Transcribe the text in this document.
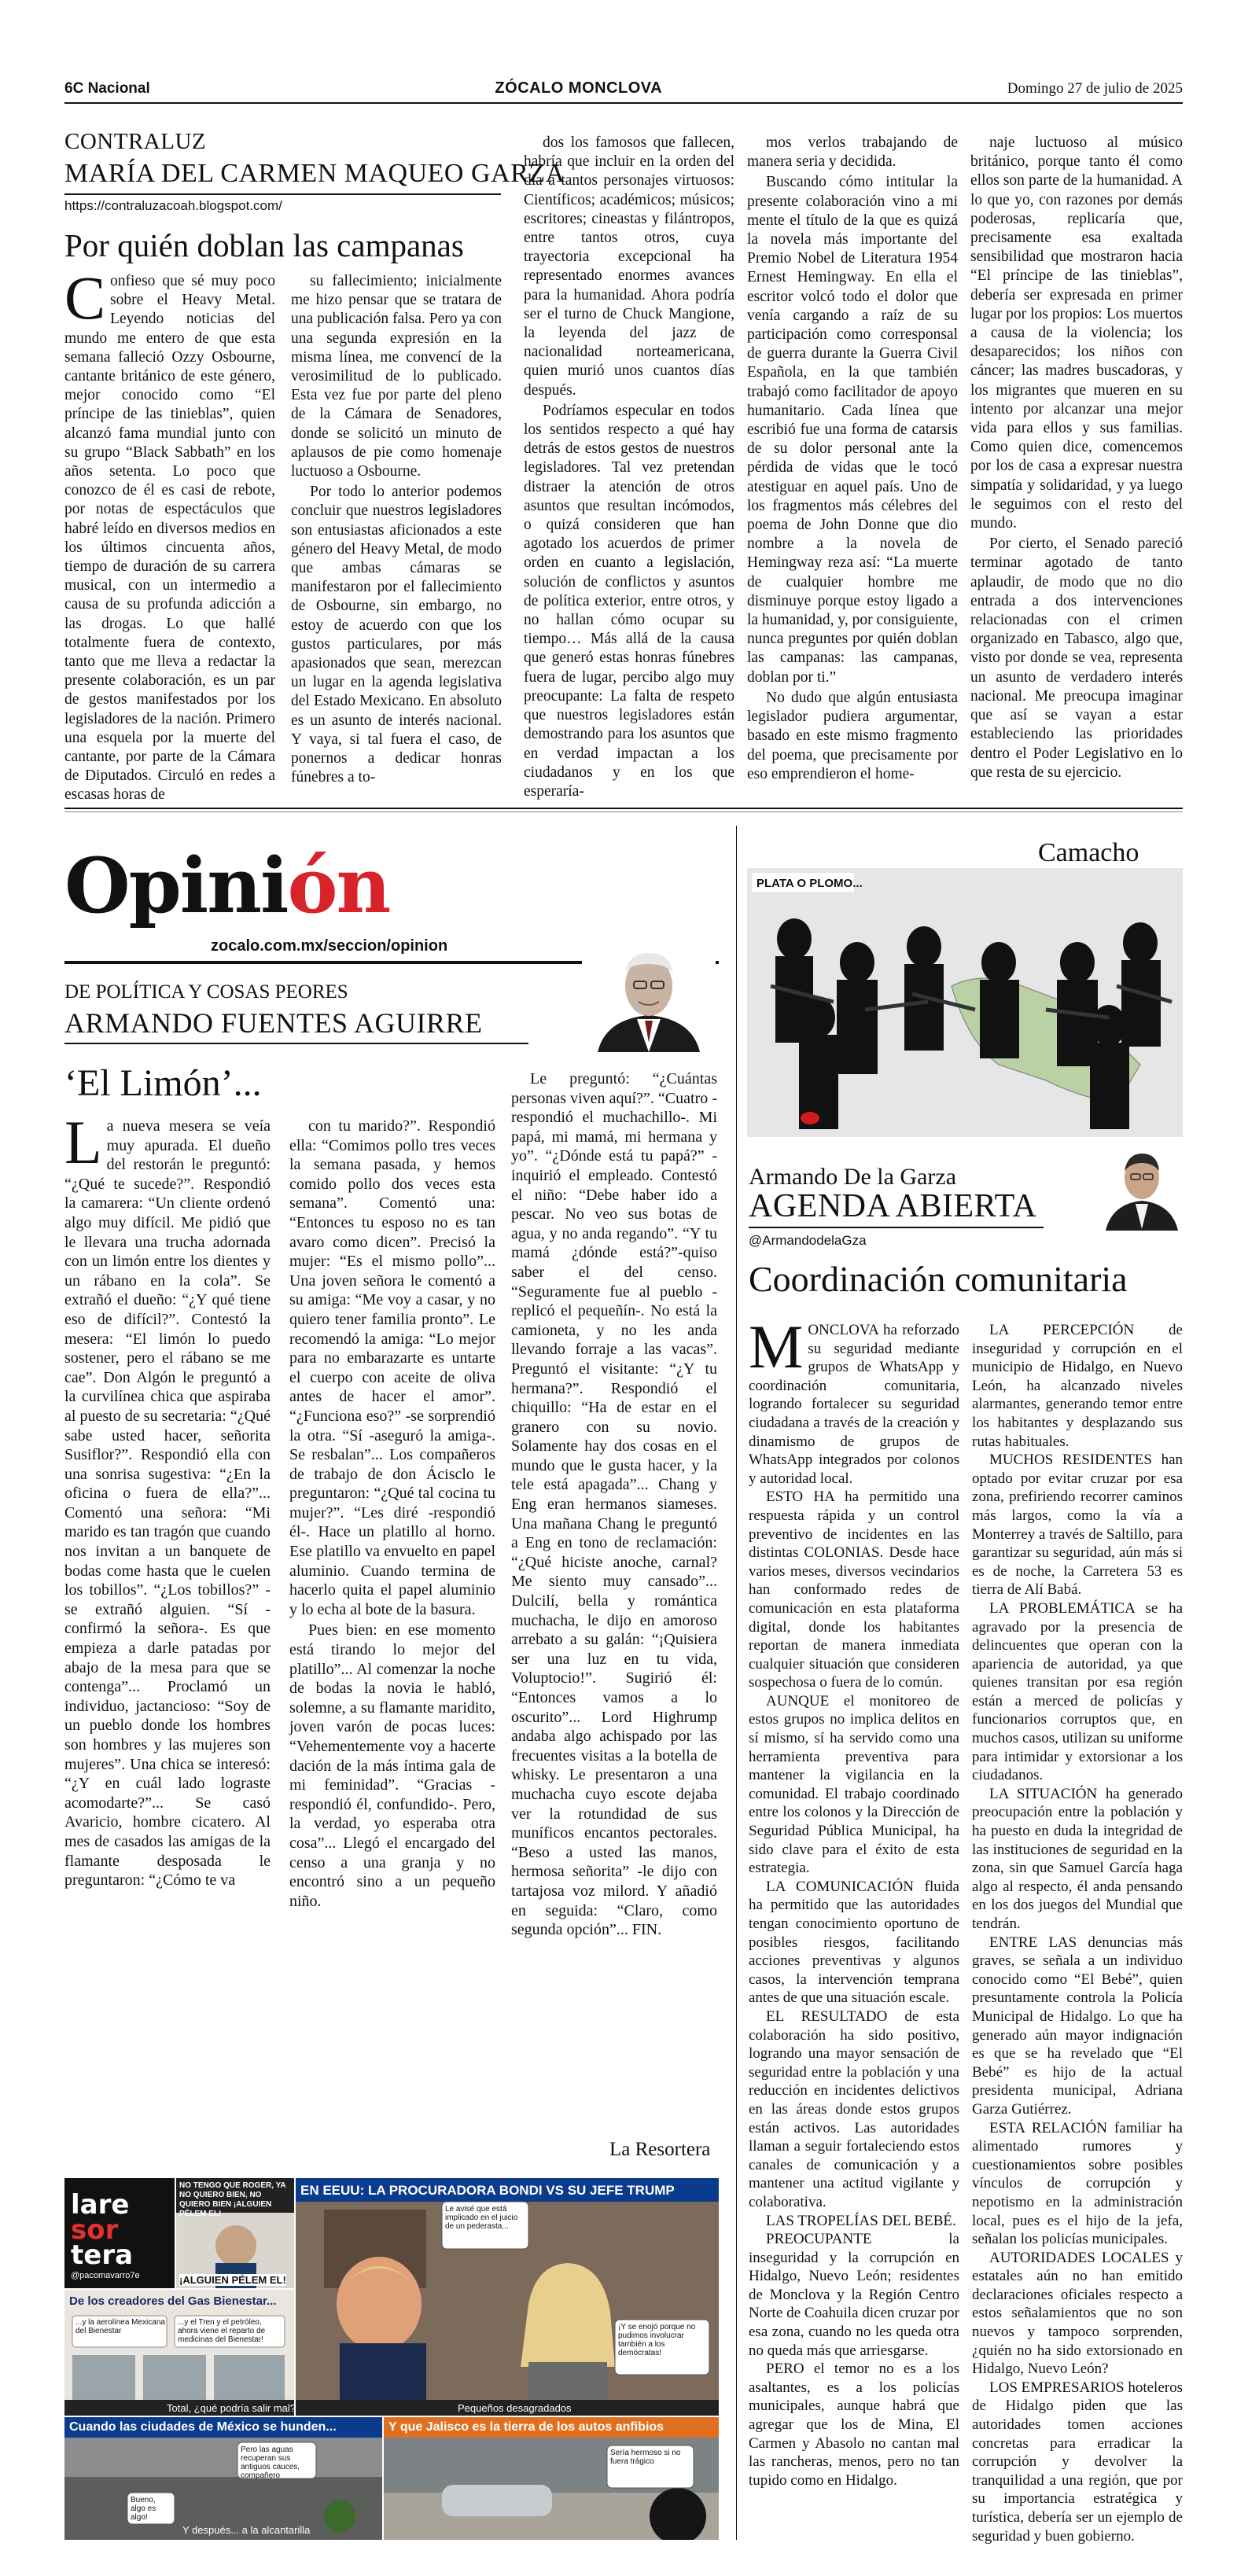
6C Nacional	ZÓCALO MONCLOVA	Domingo 27 de julio de 2025
CONTRALUZ
MARÍA DEL CARMEN MAQUEO GARZA
https://contraluzacoah.blogspot.com/
Por quién doblan las campanas

Confieso que sé muy poco sobre el Heavy Metal. Leyendo noticias del mundo me entero de que esta semana falleció Ozzy Osbourne, cantante británico de este género, mejor conocido como “El príncipe de las tinieblas”, quien alcanzó fama mundial junto con su grupo “Black Sabbath” en los años setenta. Lo poco que conozco de él es casi de rebote, por notas de espectáculos que habré leído en diversos medios en los últimos cincuenta años, tiempo de duración de su carrera musical, con un intermedio a causa de su profunda adicción a las drogas. Lo que hallé totalmente fuera de contexto, tanto que me lleva a redactar la presente colaboración, es un par de gestos manifestados por los legisladores de la nación. Primero una esquela por la muerte del cantante, por parte de la Cámara de Diputados. Circuló en redes a escasas horas de

su fallecimiento; inicialmente me hizo pensar que se tratara de una publicación falsa. Pero ya con una segunda expresión en la misma línea, me convencí de la verosimilitud de lo publicado. Esta vez fue por parte del pleno de la Cámara de Senadores, donde se solicitó un minuto de aplausos de pie como homenaje luctuoso a Osbourne.

Por todo lo anterior podemos concluir que nuestros legisladores son entusiastas aficionados a este género del Heavy Metal, de modo que ambas cámaras se manifestaron por el fallecimiento de Osbourne, sin embargo, no estoy de acuerdo con que los gustos particulares, por más apasionados que sean, merezcan un lugar en la agenda legislativa del Estado Mexicano. En absoluto es un asunto de interés nacional. Y vaya, si tal fuera el caso, de ponernos a dedicar honras fúnebres a to-

dos los famosos que fallecen, habría que incluir en la orden del día a tantos personajes virtuosos: Científicos; académicos; músicos; escritores; cineastas y filántropos, entre tantos otros, cuya trayectoria excepcional ha representado enormes avances para la humanidad. Ahora podría ser el turno de Chuck Mangione, la leyenda del jazz de nacionalidad norteamericana, quien murió unos cuantos días después.

Podríamos especular en todos los sentidos respecto a qué hay detrás de estos gestos de nuestros legisladores. Tal vez pretendan distraer la atención de otros asuntos que resultan incómodos, o quizá consideren que han agotado los acuerdos de primer orden en cuanto a legislación, solución de conflictos y asuntos de política exterior, entre otros, y no hallan cómo ocupar su tiempo… Más allá de la causa que generó estas honras fúnebres fuera de lugar, percibo algo muy preocupante: La falta de respeto que nuestros legisladores están demostrando para los asuntos que en verdad impactan a los ciudadanos y en los que esperaría-

mos verlos trabajando de manera seria y decidida.

Buscando cómo intitular la presente colaboración vino a mi mente el título de la que es quizá la novela más importante del Premio Nobel de Literatura 1954 Ernest Hemingway. En ella el escritor volcó todo el dolor que venía cargando a raíz de su participación como corresponsal de guerra durante la Guerra Civil Española, en la que también trabajó como facilitador de apoyo humanitario. Cada línea que escribió fue una forma de catarsis de su dolor personal ante la pérdida de vidas que le tocó atestiguar en aquel país. Uno de los fragmentos más célebres del poema de John Donne que dio nombre a la novela de Hemingway reza así: “La muerte de cualquier hombre me disminuye porque estoy ligado a la humanidad, y, por consiguiente, nunca preguntes por quién doblan las campanas: las campanas, doblan por ti.”

No dudo que algún entusiasta legislador pudiera argumentar, basado en este mismo fragmento del poema, que precisamente por eso emprendieron el home-

naje luctuoso al músico británico, porque tanto él como ellos son parte de la humanidad. A lo que yo, con razones por demás poderosas, replicaría que, precisamente esa exaltada sensibilidad que mostraron hacia “El príncipe de las tinieblas”, debería ser expresada en primer lugar por los propios: Los muertos a causa de la violencia; los desaparecidos; los niños con cáncer; las madres buscadoras, y los migrantes que mueren en su intento por alcanzar una mejor vida para ellos y sus familias. Como quien dice, comencemos por los de casa a expresar nuestra simpatía y solidaridad, y ya luego le seguimos con el resto del mundo.

Por cierto, el Senado pareció terminar agotado de tanto aplaudir, de modo que no dio entrada a dos intervenciones relacionadas con el crimen organizado en Tabasco, algo que, visto por donde se vea, representa un asunto de verdadero interés nacional. Me preocupa imaginar que así se vayan a estar estableciendo las prioridades dentro el Poder Legislativo en lo que resta de su ejercicio.

Opinión
zocalo.com.mx/seccion/opinion
DE POLÍTICA Y COSAS PEORES
ARMANDO FUENTES AGUIRRE
‘El Limón’...

La nueva mesera se veía muy apurada. El dueño del restorán le preguntó: “¿Qué te sucede?”. Respondió la camarera: “Un cliente ordenó algo muy difícil. Me pidió que le llevara una trucha adornada con un limón entre los dientes y un rábano en la cola”. Se extrañó el dueño: “¿Y qué tiene eso de difícil?”. Contestó la mesera: “El limón lo puedo sostener, pero el rábano se me cae”. Don Algón le preguntó a la curvilínea chica que aspiraba al puesto de su secretaria: “¿Qué sabe usted hacer, señorita Susiflor?”. Respondió ella con una sonrisa sugestiva: “¿En la oficina o fuera de ella?”... Comentó una señora: “Mi marido es tan tragón que cuando nos invitan a un banquete de bodas come hasta que le cuelen los tobillos”. “¿Los tobillos?” -se extrañó alguien. “Sí -confirmó la señora-. Es que empieza a darle patadas por abajo de la mesa para que se contenga”... Proclamó un individuo, jactancioso: “Soy de un pueblo donde los hombres son hombres y las mujeres son mujeres”. Una chica se interesó: “¿Y en cuál lado lograste acomodarte?”... Se casó Avaricio, hombre cicatero. Al mes de casados las amigas de la flamante desposada le preguntaron: “¿Cómo te va

con tu marido?”. Respondió ella: “Comimos pollo tres veces la semana pasada, y hemos comido pollo dos veces esta semana”. Comentó una: “Entonces tu esposo no es tan avaro como dicen”. Precisó la mujer: “Es el mismo pollo”... Una joven señora le comentó a su amiga: “Me voy a casar, y no quiero tener familia pronto”. Le recomendó la amiga: “Lo mejor para no embarazarte es untarte el cuerpo con aceite de oliva antes de hacer el amor”. “¿Funciona eso?” -se sorprendió la otra. “Sí -aseguró la amiga-. Se resbalan”... Los compañeros de trabajo de don Ácisclo le preguntaron: “¿Qué tal cocina tu mujer?”. “Les diré -respondió él-. Hace un platillo al horno. Ese platillo va envuelto en papel aluminio. Cuando termina de hacerlo quita el papel aluminio y lo echa al bote de la basura.

Pues bien: en ese momento está tirando lo mejor del platillo”... Al comenzar la noche de bodas la novia le habló, solemne, a su flamante maridito, joven varón de pocas luces: “Vehementemente voy a hacerte dación de la más íntima gala de mi feminidad”. “Gracias -respondió él, confundido-. Pero, la verdad, yo esperaba otra cosa”... Llegó el encargado del censo a una granja y no encontró sino a un pequeño niño.

Le preguntó: “¿Cuántas personas viven aquí?”. “Cuatro -respondió el muchachillo-. Mi papá, mi mamá, mi hermana y yo”. “¿Dónde está tu papá?” -inquirió el empleado. Contestó el niño: “Debe haber ido a pescar. No veo sus botas de agua, y no anda regando”. “Y tu mamá ¿dónde está?”-quiso saber el del censo. “Seguramente fue al pueblo -replicó el pequeñín-. No está la camioneta, y no les anda llevando forraje a las vacas”. Preguntó el visitante: “¿Y tu hermana?”. Respondió el chiquillo: “Ha de estar en el granero con su novio. Solamente hay dos cosas en el mundo que le gusta hacer, y la tele está apagada”... Chang y Eng eran hermanos siameses. Una mañana Chang le preguntó a Eng en tono de reclamación: “¿Qué hiciste anoche, carnal? Me siento muy cansado”... Dulcilí, bella y romántica muchacha, le dijo en amoroso arrebato a su galán: “¡Quisiera ser una luz en tu vida, Voluptocio!”. Sugirió él: “Entonces vamos a lo oscurito”... Lord Highrump andaba algo achispado por las frecuentes visitas a la botella de whisky. Le presentaron a una muchacha cuyo escote dejaba ver la rotundidad de sus muníficos encantos pectorales. “Beso a usted las manos, hermosa señorita” -le dijo con tartajosa voz milord. Y añadió en seguida: “Claro, como segunda opción”... FIN.

La Resortera
lare
sor
tera
@pacomavarro7e
NO TENGO QUE ROGER, YA NO QUIERO BIEN, NO QUIERO BIEN ¡ALGUIEN PÉLEM EL!
¡ALGUIEN PÉLEM EL!
De los creadores del Gas Bienestar...
...y la aerolínea Mexicana del Bienestar
...y el Tren y el petróleo, ahora viene el reparto de medicinas del Bienestar!
Total, ¿qué podría salir mal?
EN EEUU: LA PROCURADORA BONDI VS SU JEFE TRUMP
Le avisé que está implicado en el juicio de un pederasta...
¡Y se enojó porque no pudimos involucrar también a los demócratas!
Pequeños desagradados
Cuando las ciudades de México se hunden...
Pero las aguas recuperan sus antiguos cauces, compañero
Bueno, algo es algo!
Y después... a la alcantarilla
Y que Jalisco es la tierra de los autos anfibios
Sería hermoso si no fuera trágico
Camacho
PLATA O PLOMO...
Armando De la Garza
AGENDA ABIERTA
@ArmandodelaGza
Coordinación comunitaria

MONCLOVA ha reforzado su seguridad mediante grupos de WhatsApp y coordinación comunitaria, logrando fortalecer su seguridad ciudadana a través de la creación y dinamismo de grupos de WhatsApp integrados por colonos y autoridad local.

ESTO HA ha permitido una respuesta rápida y un control preventivo de incidentes en las distintas COLONIAS. Desde hace varios meses, diversos vecindarios han conformado redes de comunicación en esta plataforma digital, donde los habitantes reportan de manera inmediata cualquier situación que consideren sospechosa o fuera de lo común.

AUNQUE el monitoreo de estos grupos no implica delitos en sí mismo, sí ha servido como una herramienta preventiva para mantener la vigilancia en la comunidad. El trabajo coordinado entre los colonos y la Dirección de Seguridad Pública Municipal, ha sido clave para el éxito de esta estrategia.

LA COMUNICACIÓN fluida ha permitido que las autoridades tengan conocimiento oportuno de posibles riesgos, facilitando acciones preventivas y algunos casos, la intervención temprana antes de que una situación escale.

EL RESULTADO de esta colaboración ha sido positivo, logrando una mayor sensación de seguridad entre la población y una reducción en incidentes delictivos en las áreas donde estos grupos están activos. Las autoridades llaman a seguir fortaleciendo estos canales de comunicación y a mantener una actitud vigilante y colaborativa.

LAS TROPELÍAS DEL BEBÉ.

PREOCUPANTE la inseguridad y la corrupción en Hidalgo, Nuevo León; residentes de Monclova y la Región Centro Norte de Coahuila dicen cruzar por esa zona, cuando no les queda otra no queda más que arriesgarse.

PERO el temor no es a los asaltantes, es a los policías municipales, aunque habrá que agregar que los de Mina, El Carmen y Abasolo no cantan mal las rancheras, menos, pero no tan tupido como en Hidalgo.

LA PERCEPCIÓN de inseguridad y corrupción en el municipio de Hidalgo, en Nuevo León, ha alcanzado niveles alarmantes, generando temor entre los habitantes y desplazando sus rutas habituales.

MUCHOS RESIDENTES han optado por evitar cruzar por esa zona, prefiriendo recorrer caminos más largos, como la vía a Monterrey a través de Saltillo, para garantizar su seguridad, aún más si es de noche, la Carretera 53 es tierra de Alí Babá.

LA PROBLEMÁTICA se ha agravado por la presencia de delincuentes que operan con la apariencia de autoridad, ya que quienes transitan por esa región están a merced de policías y funcionarios corruptos que, en muchos casos, utilizan su uniforme para intimidar y extorsionar a los ciudadanos.

LA SITUACIÓN ha generado preocupación entre la población y ha puesto en duda la integridad de las instituciones de seguridad en la zona, sin que Samuel García haga algo al respecto, él anda pensando en los dos juegos del Mundial que tendrán.

ENTRE LAS denuncias más graves, se señala a un individuo conocido como “El Bebé”, quien presuntamente controla la Policía Municipal de Hidalgo. Lo que ha generado aún mayor indignación es que se ha revelado que “El Bebé” es hijo de la actual presidenta municipal, Adriana Garza Gutiérrez.

ESTA RELACIÓN familiar ha alimentado rumores y cuestionamientos sobre posibles vínculos de corrupción y nepotismo en la administración local, pues es el hijo de la jefa, señalan los policías municipales.

AUTORIDADES LOCALES y estatales aún no han emitido declaraciones oficiales respecto a estos señalamientos que no son nuevos y tampoco sorprenden, ¿quién no ha sido extorsionado en Hidalgo, Nuevo León?

LOS EMPRESARIOS hoteleros de Hidalgo piden que las autoridades tomen acciones concretas para erradicar la corrupción y devolver la tranquilidad a una región, que por su importancia estratégica y turística, debería ser un ejemplo de seguridad y buen gobierno.
